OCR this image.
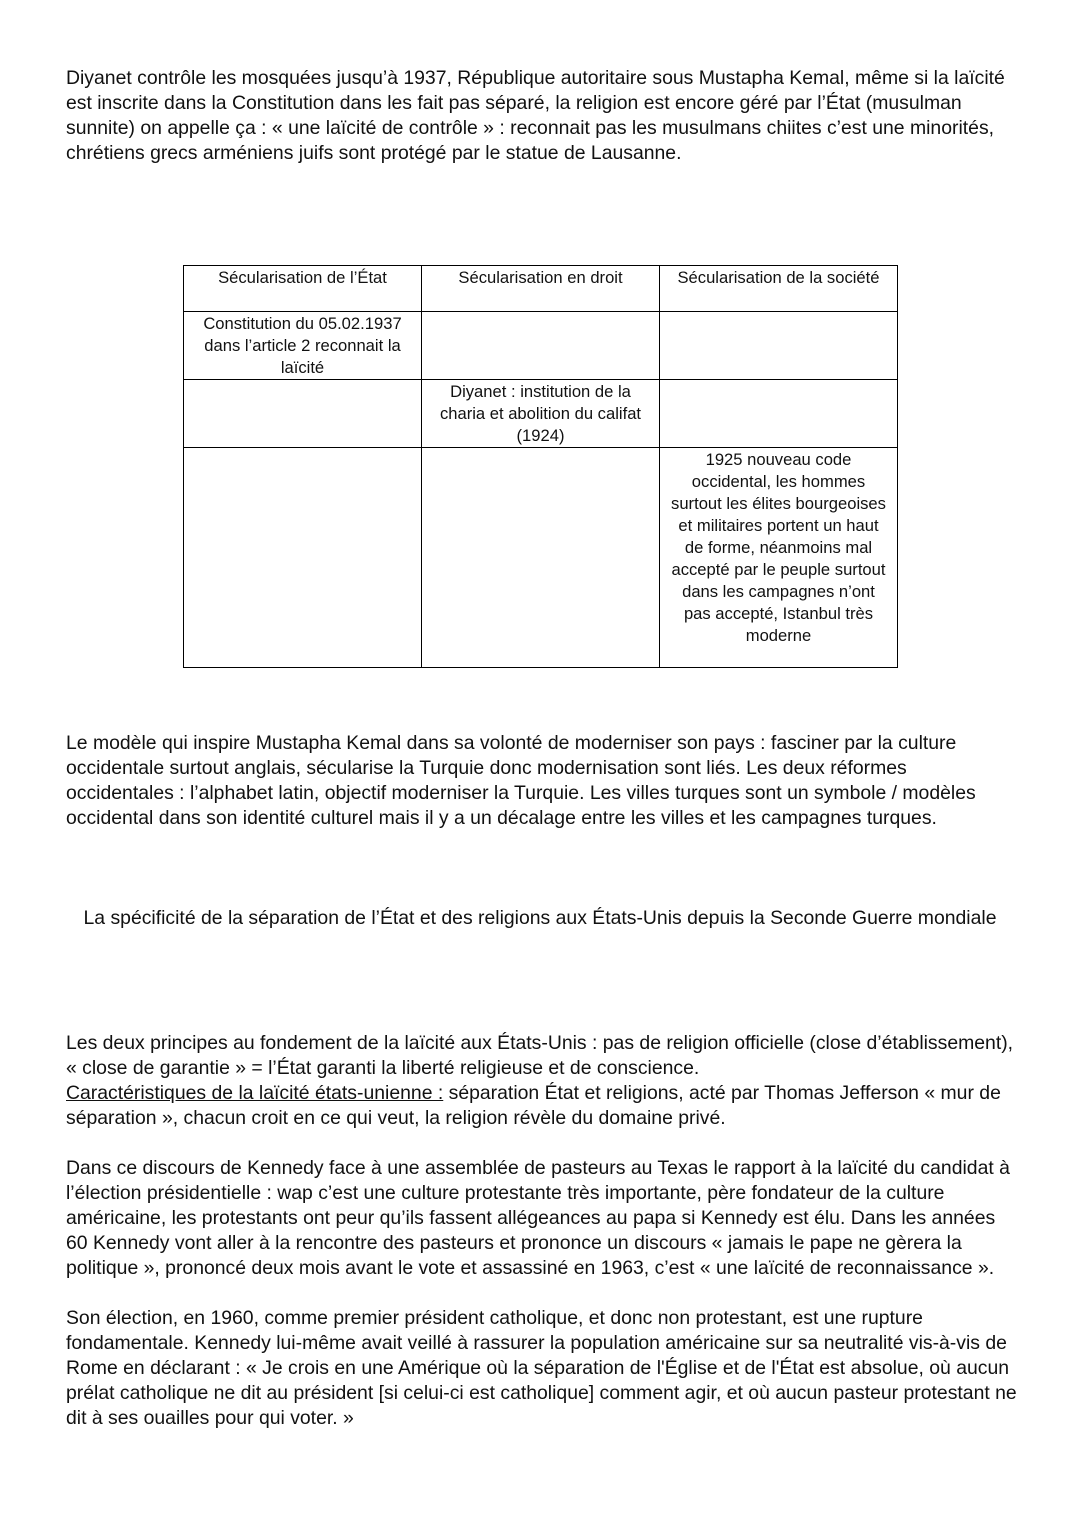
Diyanet contrôle les mosquées jusqu’à 1937, République autoritaire sous Mustapha Kemal, même si la laïcité est inscrite dans la Constitution dans les fait pas séparé, la religion est encore géré par l’État (musulman sunnite) on appelle ça : « une laïcité de contrôle » : reconnait pas les musulmans chiites c’est une minorités, chrétiens grecs arméniens juifs sont protégé par le statue de Lausanne.

Sécularisation de l’État	Sécularisation en droit	Sécularisation de la société
Constitution du 05.02.1937 dans l’article 2 reconnait la laïcité		
	Diyanet : institution de la charia et abolition du califat (1924)	
		1925 nouveau code occidental, les hommes surtout les élites bourgeoises et militaires portent un haut de forme, néanmoins mal accepté par le peuple surtout dans les campagnes n’ont pas accepté, Istanbul très moderne

Le modèle qui inspire Mustapha Kemal dans sa volonté de moderniser son pays : fasciner par la culture occidentale surtout anglais, sécularise la Turquie donc modernisation sont liés. Les deux réformes occidentales : l’alphabet latin, objectif moderniser la Turquie. Les villes turques sont un symbole / modèles occidental dans son identité culturel mais il y a un décalage entre les villes et les campagnes turques.

La spécificité de la séparation de l’État et des religions aux États-Unis depuis la Seconde Guerre mondiale

Les deux principes au fondement de la laïcité aux États-Unis : pas de religion officielle (close d’établissement), « close de garantie » = l’État garanti la liberté religieuse et de conscience.
Caractéristiques de la laïcité états-unienne : séparation État et religions, acté par Thomas Jefferson « mur de séparation », chacun croit en ce qui veut, la religion révèle du domaine privé.

Dans ce discours de Kennedy face à une assemblée de pasteurs au Texas le rapport à la laïcité du candidat à l’élection présidentielle : wap c’est une culture protestante très importante, père fondateur de la culture américaine, les protestants ont peur qu’ils fassent allégeances au papa si Kennedy est élu. Dans les années 60 Kennedy vont aller à la rencontre des pasteurs et prononce un discours « jamais le pape ne gèrera la politique », prononcé deux mois avant le vote et assassiné en 1963, c’est « une laïcité de reconnaissance ».

Son élection, en 1960, comme premier président catholique, et donc non protestant, est une rupture fondamentale. Kennedy lui-même avait veillé à rassurer la population américaine sur sa neutralité vis-à-vis de Rome en déclarant : « Je crois en une Amérique où la séparation de l'Église et de l'État est absolue, où aucun prélat catholique ne dit au président [si celui-ci est catholique] comment agir, et où aucun pasteur protestant ne dit à ses ouailles pour qui voter. »
